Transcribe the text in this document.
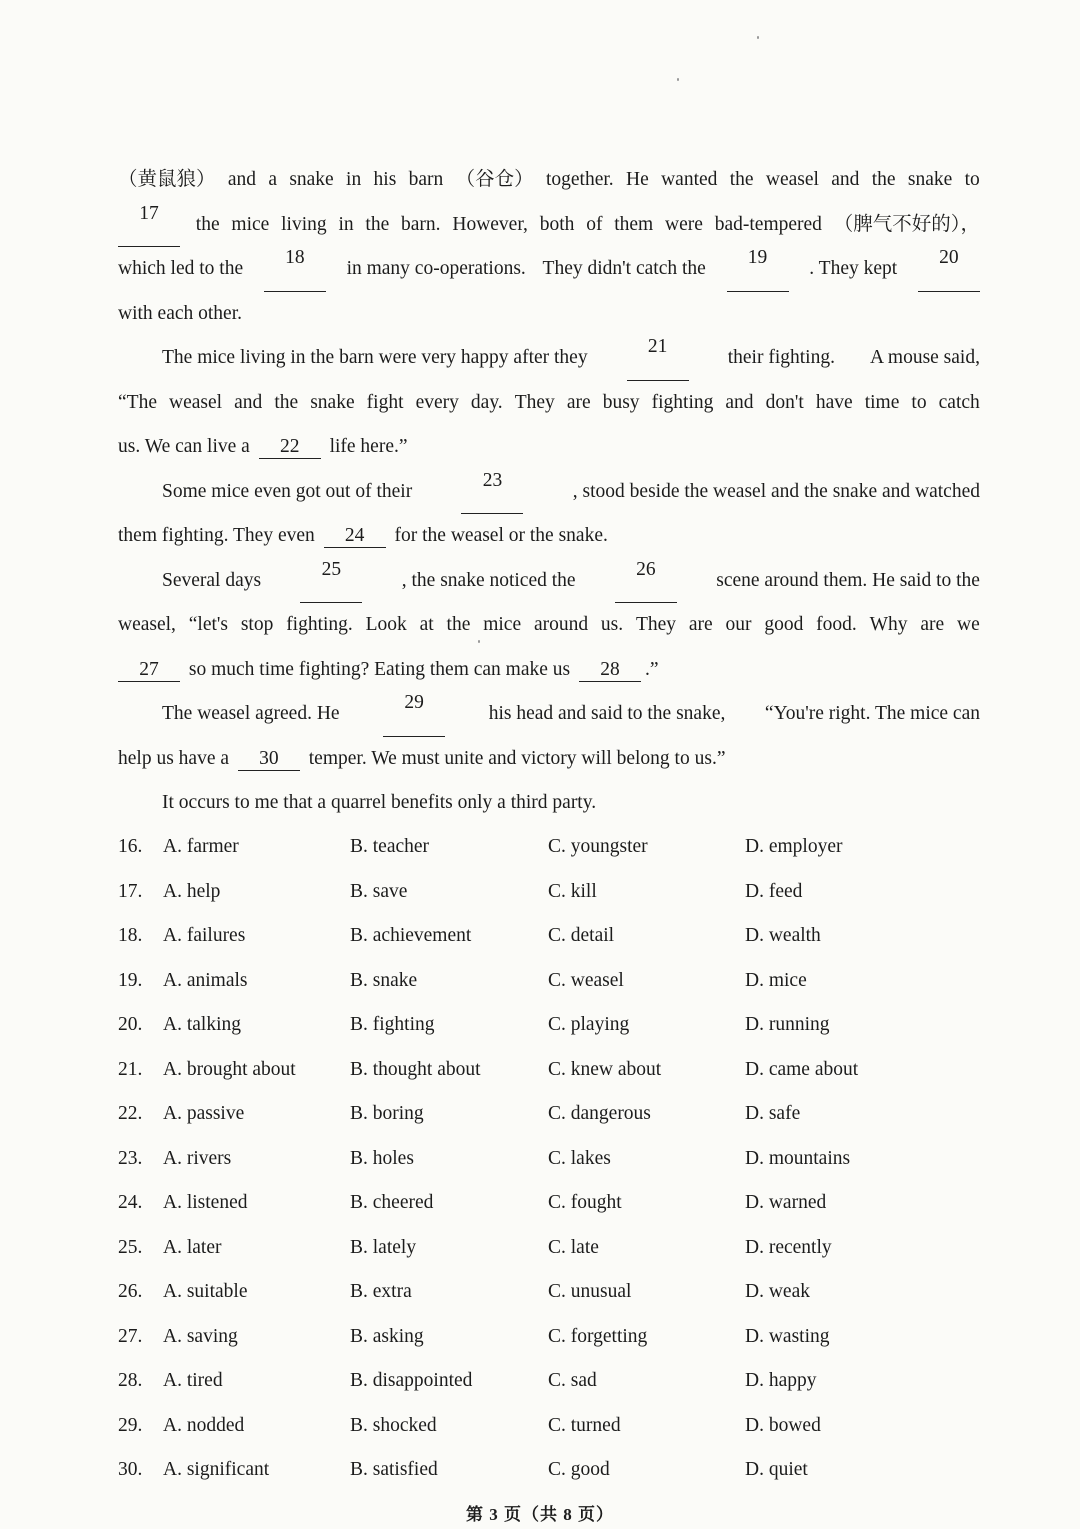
（黄鼠狼） and a snake in his barn （谷仓） together. He wanted the weasel and the snake to
17
the mice living in the barn. However, both of them were bad-tempered （脾气不好的），
which led to the
18
in many co-operations. They didn't catch the
19
. They kept
20
with each other.
The mice living in the barn were very happy after they
21
their fighting. A mouse said,
“The weasel and the snake fight every day. They are busy fighting and don't have time to catch
us. We can live a 22 life here.”
Some mice even got out of their
23
, stood beside the weasel and the snake and watched
them fighting. They even 24 for the weasel or the snake.
Several days
25
, the snake noticed the
26
scene around them. He said to the
weasel, “let's stop fighting. Look at the mice around us. They are our good food. Why are we
27 so much time fighting? Eating them can make us 28 .”
The weasel agreed. He
29
his head and said to the snake, “You're right. The mice can
help us have a 30 temper. We must unite and victory will belong to us.”
It occurs to me that a quarrel benefits only a third party.
16. A. farmer	B. teacher	C. youngster	D. employer
17. A. help	B. save	C. kill	D. feed
18. A. failures	B. achievement	C. detail	D. wealth
19. A. animals	B. snake	C. weasel	D. mice
20. A. talking	B. fighting	C. playing	D. running
21. A. brought about	B. thought about	C. knew about	D. came about
22. A. passive	B. boring	C. dangerous	D. safe
23. A. rivers	B. holes	C. lakes	D. mountains
24. A. listened	B. cheered	C. fought	D. warned
25. A. later	B. lately	C. late	D. recently
26. A. suitable	B. extra	C. unusual	D. weak
27. A. saving	B. asking	C. forgetting	D. wasting
28. A. tired	B. disappointed	C. sad	D. happy
29. A. nodded	B. shocked	C. turned	D. bowed
30. A. significant	B. satisfied	C. good	D. quiet
第 3 页（共 8 页）
